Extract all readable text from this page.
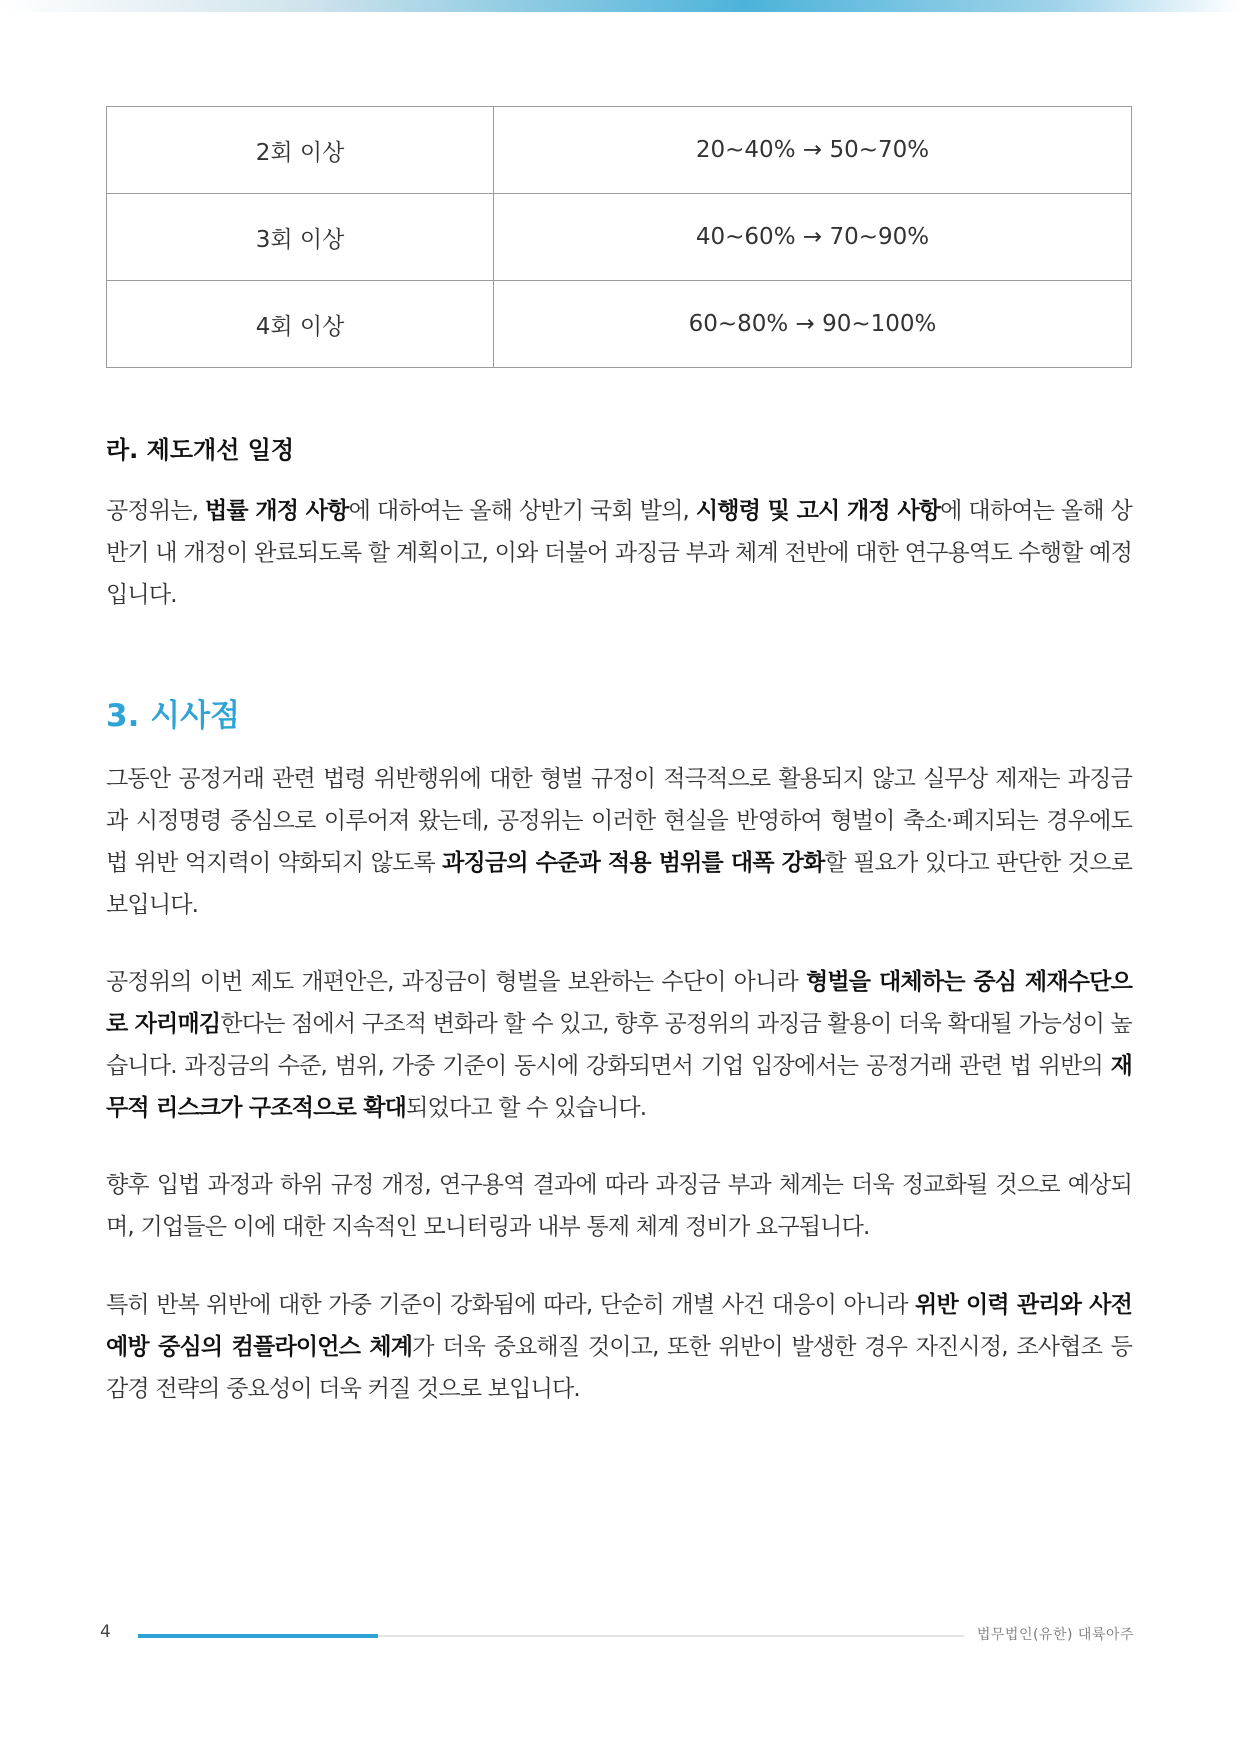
2회 이상	20~40% → 50~70%
3회 이상	40~60% → 70~90%
4회 이상	60~80% → 90~100%
라. 제도개선 일정
공정위는, 법률 개정 사항에 대하여는 올해 상반기 국회 발의, 시행령 및 고시 개정 사항에 대하여는 올해 상반기 내 개정이 완료되도록 할 계획이고, 이와 더불어 과징금 부과 체계 전반에 대한 연구용역도 수행할 예정입니다.
3. 시사점
그동안 공정거래 관련 법령 위반행위에 대한 형벌 규정이 적극적으로 활용되지 않고 실무상 제재는 과징금과 시정명령 중심으로 이루어져 왔는데, 공정위는 이러한 현실을 반영하여 형벌이 축소·폐지되는 경우에도 법 위반 억지력이 약화되지 않도록 과징금의 수준과 적용 범위를 대폭 강화할 필요가 있다고 판단한 것으로 보입니다.
공정위의 이번 제도 개편안은, 과징금이 형벌을 보완하는 수단이 아니라 형벌을 대체하는 중심 제재수단으로 자리매김한다는 점에서 구조적 변화라 할 수 있고, 향후 공정위의 과징금 활용이 더욱 확대될 가능성이 높습니다. 과징금의 수준, 범위, 가중 기준이 동시에 강화되면서 기업 입장에서는 공정거래 관련 법 위반의 재무적 리스크가 구조적으로 확대되었다고 할 수 있습니다.
향후 입법 과정과 하위 규정 개정, 연구용역 결과에 따라 과징금 부과 체계는 더욱 정교화될 것으로 예상되며, 기업들은 이에 대한 지속적인 모니터링과 내부 통제 체계 정비가 요구됩니다.
특히 반복 위반에 대한 가중 기준이 강화됨에 따라, 단순히 개별 사건 대응이 아니라 위반 이력 관리와 사전 예방 중심의 컴플라이언스 체계가 더욱 중요해질 것이고, 또한 위반이 발생한 경우 자진시정, 조사협조 등 감경 전략의 중요성이 더욱 커질 것으로 보입니다.
4	법무법인(유한) 대륙아주
